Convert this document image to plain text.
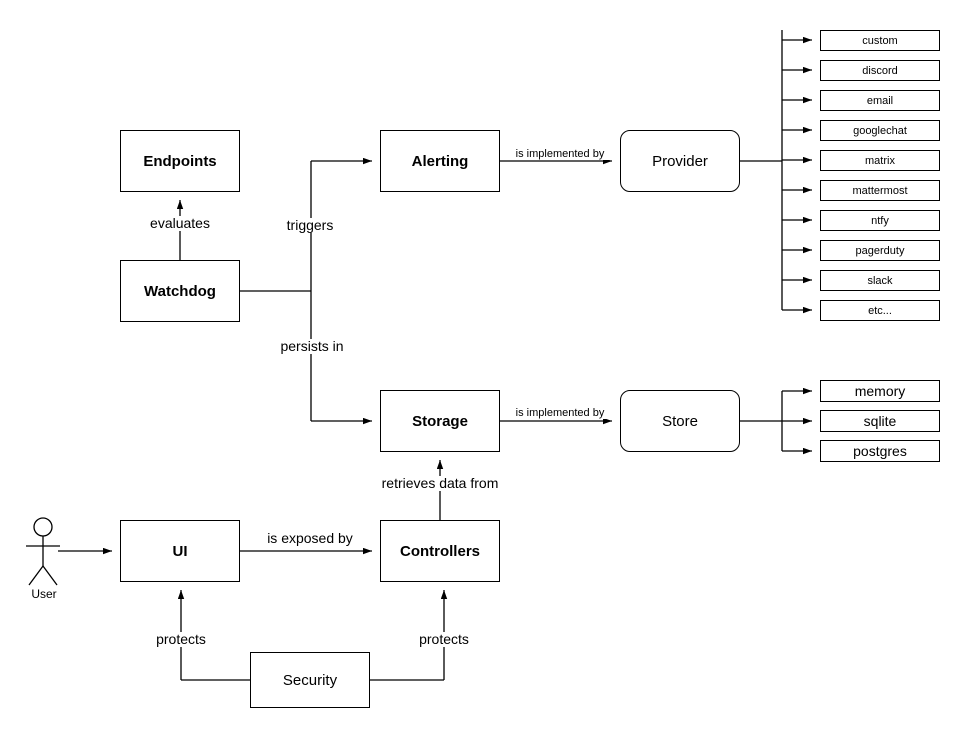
User
Endpoints
Watchdog
Alerting	Provider
Storage	Store
UI	Controllers
Security
custom
discord
email
googlechat
matrix
mattermost
ntfy
pagerduty
slack
etc...
memory
sqlite
postgres
evaluates	triggers
persists in
is implemented by
is implemented by
retrieves data from
is exposed by
protects	protects
